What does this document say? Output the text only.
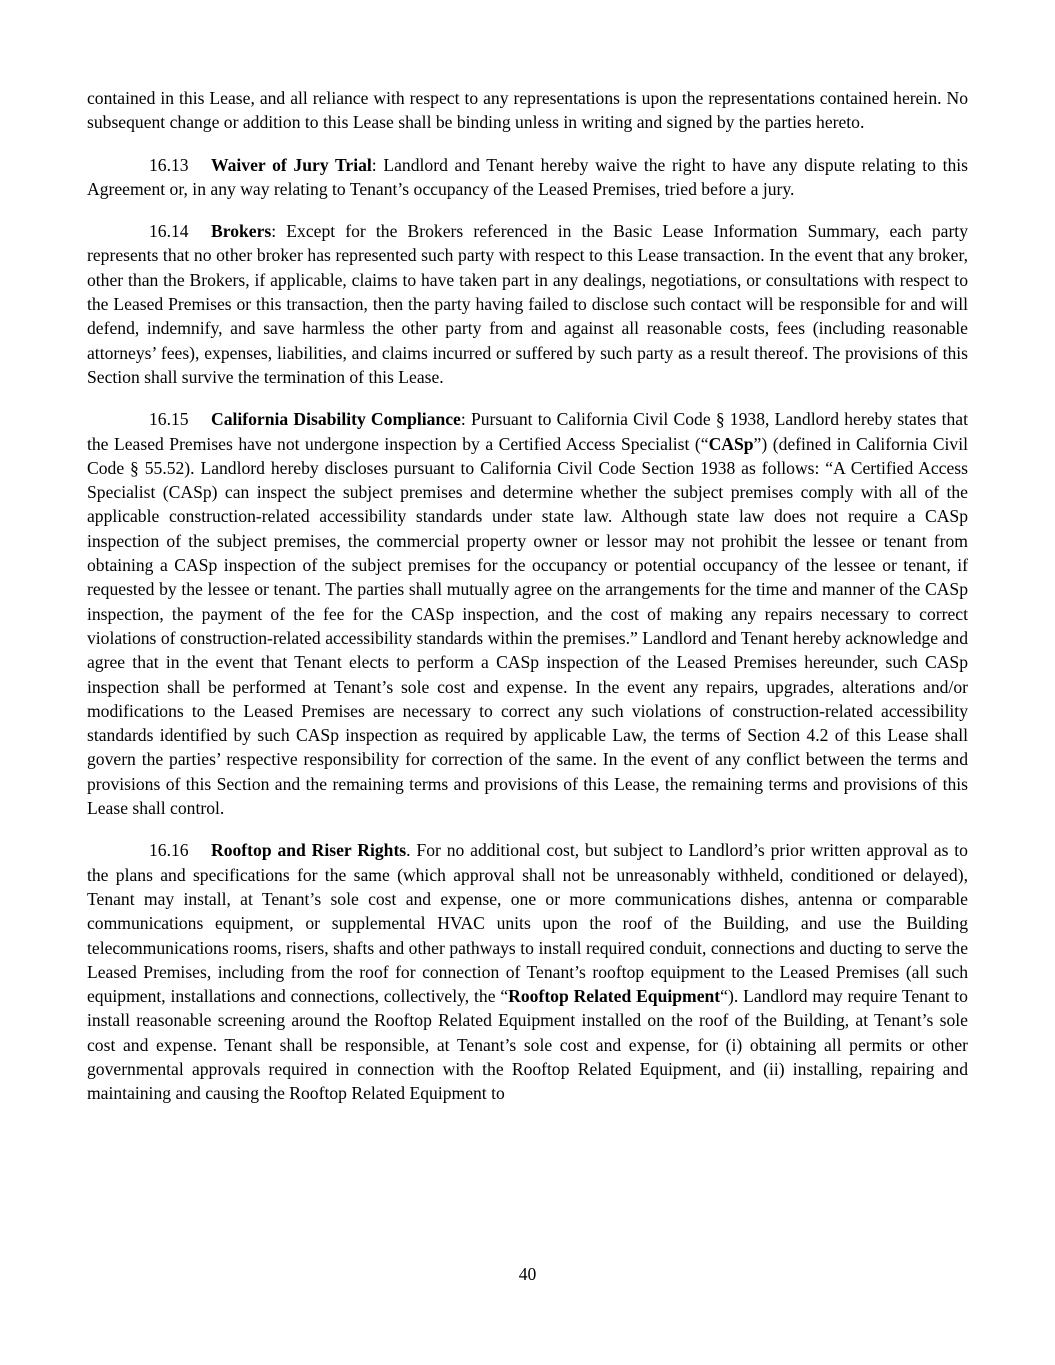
contained in this Lease, and all reliance with respect to any representations is upon the representations contained herein. No subsequent change or addition to this Lease shall be binding unless in writing and signed by the parties hereto.

16.13 Waiver of Jury Trial: Landlord and Tenant hereby waive the right to have any dispute relating to this Agreement or, in any way relating to Tenant’s occupancy of the Leased Premises, tried before a jury.

16.14 Brokers: Except for the Brokers referenced in the Basic Lease Information Summary, each party represents that no other broker has represented such party with respect to this Lease transaction. In the event that any broker, other than the Brokers, if applicable, claims to have taken part in any dealings, negotiations, or consultations with respect to the Leased Premises or this transaction, then the party having failed to disclose such contact will be responsible for and will defend, indemnify, and save harmless the other party from and against all reasonable costs, fees (including reasonable attorneys’ fees), expenses, liabilities, and claims incurred or suffered by such party as a result thereof. The provisions of this Section shall survive the termination of this Lease.

16.15 California Disability Compliance: Pursuant to California Civil Code § 1938, Landlord hereby states that the Leased Premises have not undergone inspection by a Certified Access Specialist (“CASp”) (defined in California Civil Code § 55.52). Landlord hereby discloses pursuant to California Civil Code Section 1938 as follows: “A Certified Access Specialist (CASp) can inspect the subject premises and determine whether the subject premises comply with all of the applicable construction-related accessibility standards under state law. Although state law does not require a CASp inspection of the subject premises, the commercial property owner or lessor may not prohibit the lessee or tenant from obtaining a CASp inspection of the subject premises for the occupancy or potential occupancy of the lessee or tenant, if requested by the lessee or tenant. The parties shall mutually agree on the arrangements for the time and manner of the CASp inspection, the payment of the fee for the CASp inspection, and the cost of making any repairs necessary to correct violations of construction-related accessibility standards within the premises.” Landlord and Tenant hereby acknowledge and agree that in the event that Tenant elects to perform a CASp inspection of the Leased Premises hereunder, such CASp inspection shall be performed at Tenant’s sole cost and expense. In the event any repairs, upgrades, alterations and/or modifications to the Leased Premises are necessary to correct any such violations of construction-related accessibility standards identified by such CASp inspection as required by applicable Law, the terms of Section 4.2 of this Lease shall govern the parties’ respective responsibility for correction of the same. In the event of any conflict between the terms and provisions of this Section and the remaining terms and provisions of this Lease, the remaining terms and provisions of this Lease shall control.

16.16 Rooftop and Riser Rights. For no additional cost, but subject to Landlord’s prior written approval as to the plans and specifications for the same (which approval shall not be unreasonably withheld, conditioned or delayed), Tenant may install, at Tenant’s sole cost and expense, one or more communications dishes, antenna or comparable communications equipment, or supplemental HVAC units upon the roof of the Building, and use the Building telecommunications rooms, risers, shafts and other pathways to install required conduit, connections and ducting to serve the Leased Premises, including from the roof for connection of Tenant’s rooftop equipment to the Leased Premises (all such equipment, installations and connections, collectively, the “Rooftop Related Equipment“). Landlord may require Tenant to install reasonable screening around the Rooftop Related Equipment installed on the roof of the Building, at Tenant’s sole cost and expense. Tenant shall be responsible, at Tenant’s sole cost and expense, for (i) obtaining all permits or other governmental approvals required in connection with the Rooftop Related Equipment, and (ii) installing, repairing and maintaining and causing the Rooftop Related Equipment to

40
